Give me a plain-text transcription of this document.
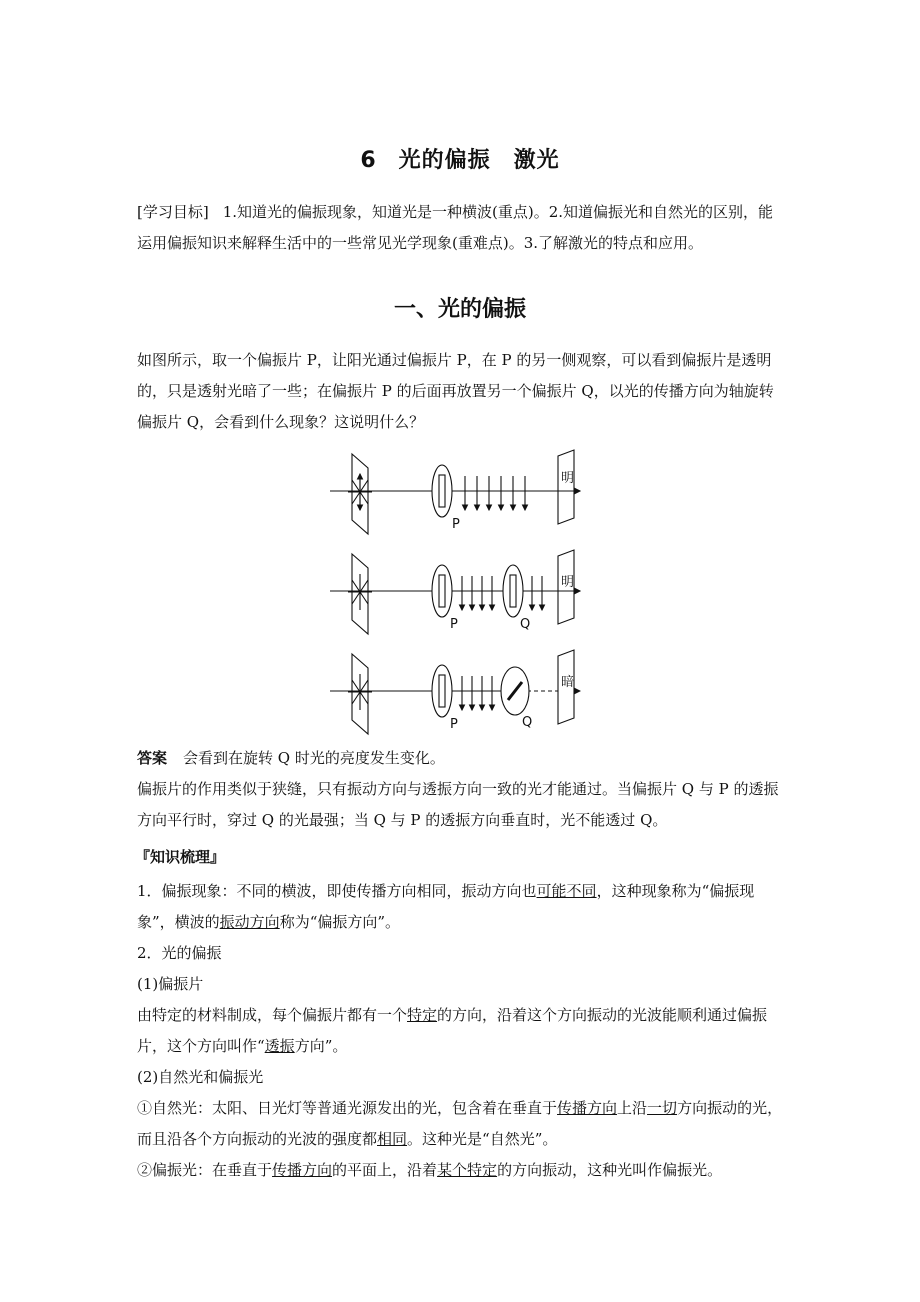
6 光的偏振　激光
[学习目标] 1.知道光的偏振现象，知道光是一种横波(重点)。2.知道偏振光和自然光的区别，能运用偏振知识来解释生活中的一些常见光学现象(重难点)。3.了解激光的特点和应用。
一、光的偏振
如图所示，取一个偏振片 P，让阳光通过偏振片 P，在 P 的另一侧观察，可以看到偏振片是透明的，只是透射光暗了一些；在偏振片 P 的后面再放置另一个偏振片 Q，以光的传播方向为轴旋转偏振片 Q，会看到什么现象？这说明什么？
P
明
P	Q
明
P	Q
暗
答案 会看到在旋转 Q 时光的亮度发生变化。
偏振片的作用类似于狭缝，只有振动方向与透振方向一致的光才能通过。当偏振片 Q 与 P 的透振方向平行时，穿过 Q 的光最强；当 Q 与 P 的透振方向垂直时，光不能透过 Q。
『知识梳理』
1．偏振现象：不同的横波，即使传播方向相同，振动方向也可能不同，这种现象称为“偏振现象”，横波的振动方向称为“偏振方向”。
2．光的偏振
(1)偏振片
由特定的材料制成，每个偏振片都有一个特定的方向，沿着这个方向振动的光波能顺利通过偏振片，这个方向叫作“透振方向”。
(2)自然光和偏振光
①自然光：太阳、日光灯等普通光源发出的光，包含着在垂直于传播方向上沿一切方向振动的光，而且沿各个方向振动的光波的强度都相同。这种光是“自然光”。
②偏振光：在垂直于传播方向的平面上，沿着某个特定的方向振动，这种光叫作偏振光。
